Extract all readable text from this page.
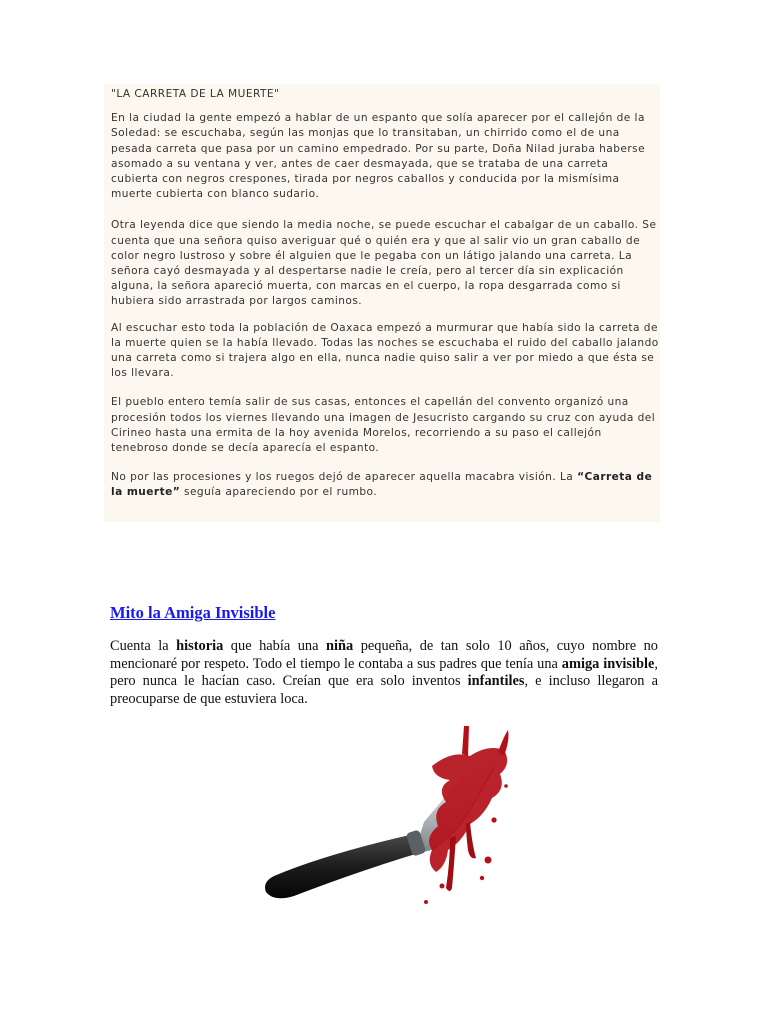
"LA CARRETA DE LA MUERTE"

En la ciudad la gente empezó a hablar de un espanto que solía aparecer por el callejón de la Soledad: se escuchaba, según las monjas que lo transitaban, un chirrido como el de una pesada carreta que pasa por un camino empedrado. Por su parte, Doña Nilad juraba haberse asomado a su ventana y ver, antes de caer desmayada, que se trataba de una carreta cubierta con negros crespones, tirada por negros caballos y conducida por la mismísima muerte cubierta con blanco sudario.

Otra leyenda dice que siendo la media noche, se puede escuchar el cabalgar de un caballo. Se cuenta que una señora quiso averiguar qué o quién era y que al salir vio un gran caballo de color negro lustroso y sobre él alguien que le pegaba con un látigo jalando una carreta. La señora cayó desmayada y al despertarse nadie le creía, pero al tercer día sin explicación alguna, la señora apareció muerta, con marcas en el cuerpo, la ropa desgarrada como si hubiera sido arrastrada por largos caminos.

Al escuchar esto toda la población de Oaxaca empezó a murmurar que había sido la carreta de la muerte quien se la había llevado. Todas las noches se escuchaba el ruido del caballo jalando una carreta como si trajera algo en ella, nunca nadie quiso salir a ver por miedo a que ésta se los llevara.

El pueblo entero temía salir de sus casas, entonces el capellán del convento organizó una procesión todos los viernes llevando una imagen de Jesucristo cargando su cruz con ayuda del Cirineo hasta una ermita de la hoy avenida Morelos, recorriendo a su paso el callejón tenebroso donde se decía aparecía el espanto.

No por las procesiones y los ruegos dejó de aparecer aquella macabra visión. La “Carreta de la muerte” seguía apareciendo por el rumbo.

Mito la Amiga Invisible

Cuenta la historia que había una niña pequeña, de tan solo 10 años, cuyo nombre no mencionaré por respeto. Todo el tiempo le contaba a sus padres que tenía una amiga invisible, pero nunca le hacían caso. Creían que era solo inventos infantiles, e incluso llegaron a preocuparse de que estuviera loca.
